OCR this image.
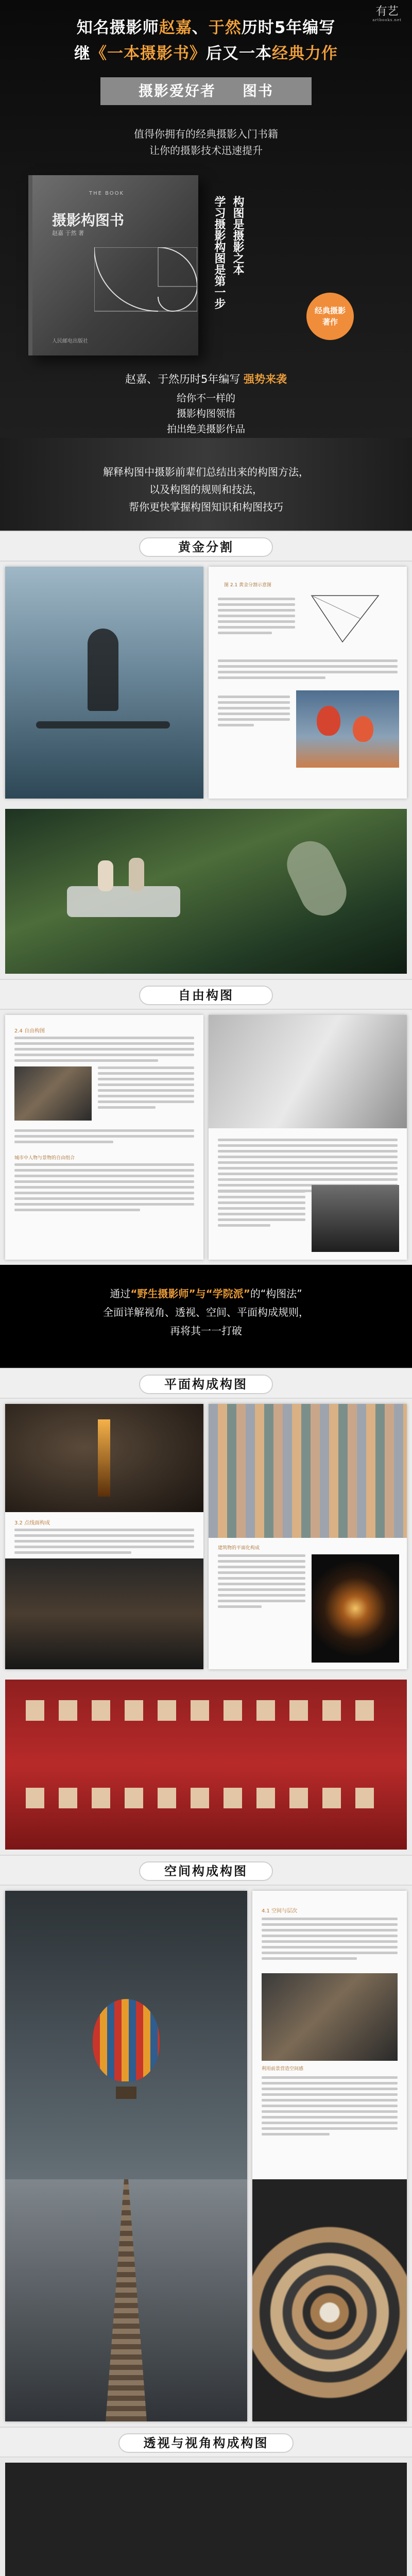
有艺
artbooks.net
知名摄影师赵嘉、于然历时5年编写
继《一本摄影书》后又一本经典力作
摄影爱好者 图书
值得你拥有的经典摄影入门书籍
让你的摄影技术迅速提升
THE BOOK
摄影构图书
赵嘉 于然 著
人民邮电出版社
学习摄影构图是第一步 构图是摄影之本
经典摄影
著作
赵嘉、于然历时5年编写 强势来袭
给你不一样的
摄影构图领悟
拍出绝美摄影作品
解释构图中摄影前辈们总结出来的构图方法，
以及构图的规则和技法，
帮你更快掌握构图知识和构图技巧
黄金分割
图 2.1 黄金分割示意图
自由构图
2.4 自由构图
城市中人物与景物的自由组合
通过“野生摄影师”与“学院派”的“构图法”
全面详解视角、透视、空间、平面构成规则，
再将其一一打破
平面构成构图
3.2 点线面构成
建筑物的平面化构成
空间构成构图
4.1 空间与层次
利用前景营造空间感
透视与视角构成构图
